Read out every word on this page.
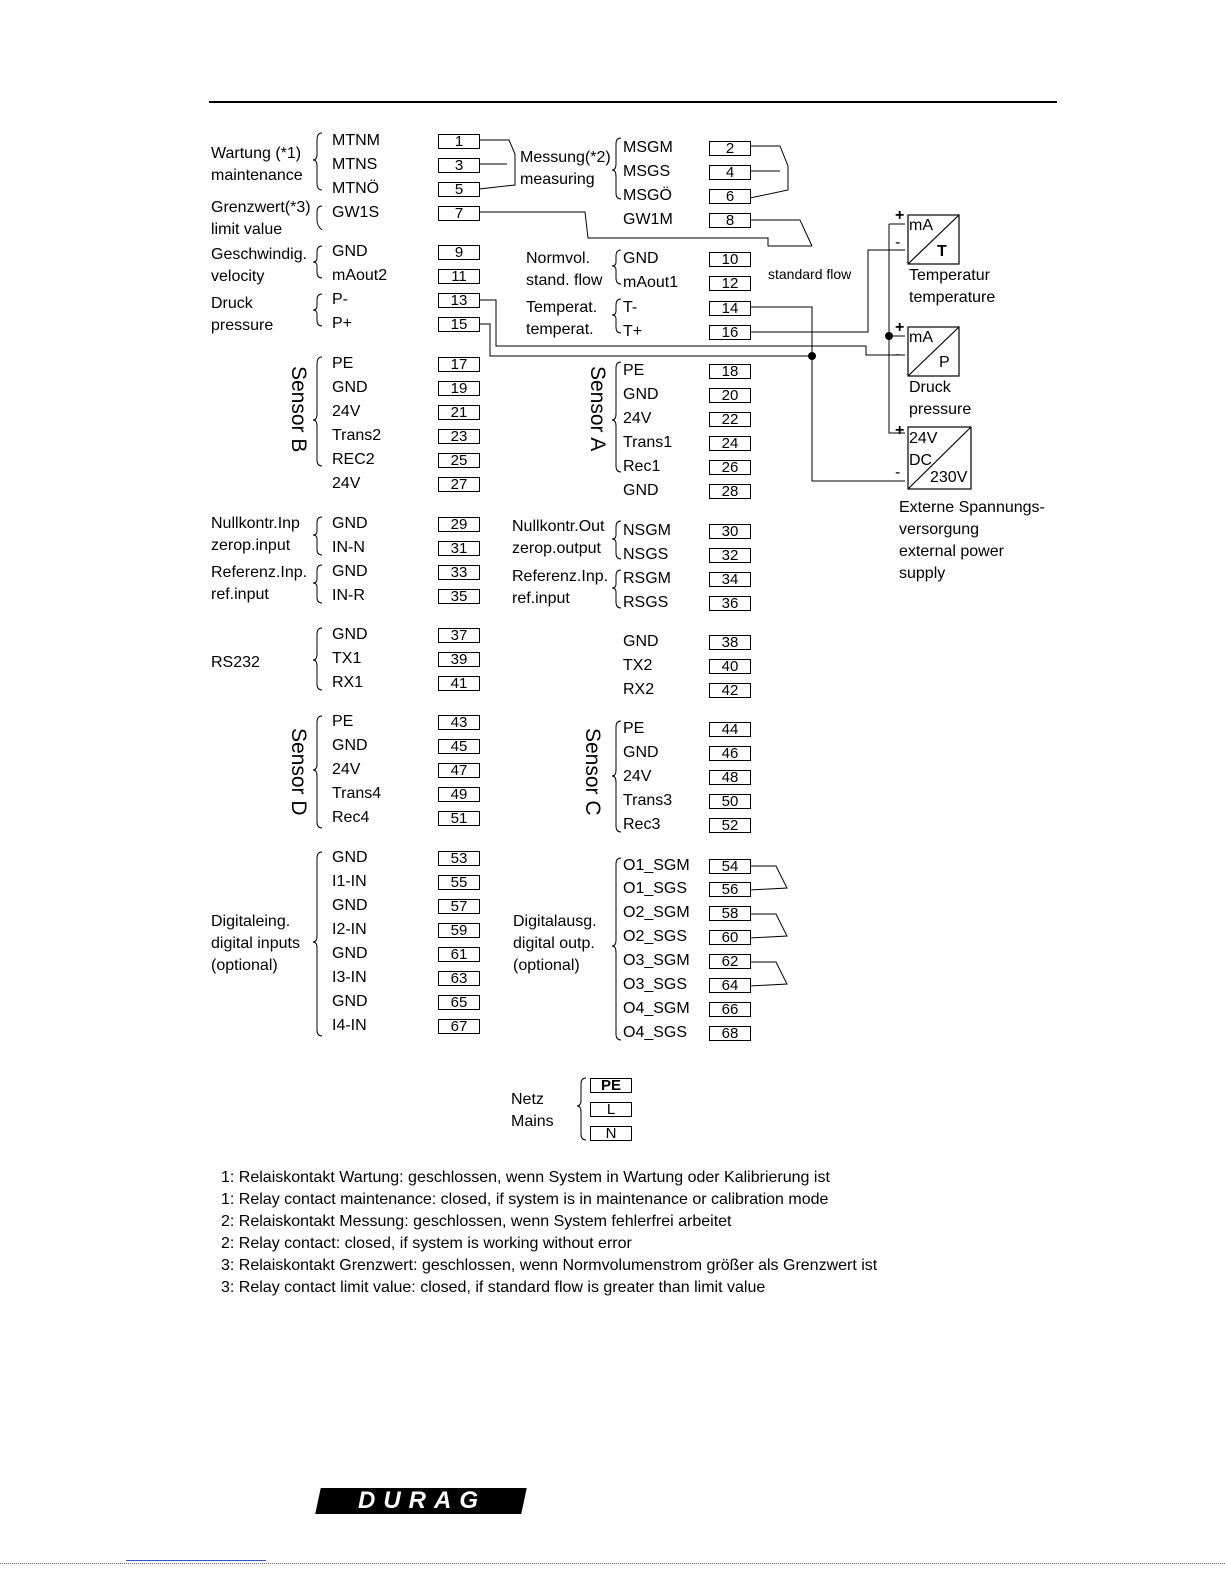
MTNM	1
MTNS	3
MTNÖ	5
GW1S	7
GND	9
mAout2	11
P-	13
P+	15
PE	17
GND	19
24V	21
Trans2	23
REC2	25
24V	27
GND	29
IN-N	31
GND	33
IN-R	35
GND	37
TX1	39
RX1	41
PE	43
GND	45
24V	47
Trans4	49
Rec4	51
GND	53
I1-IN	55
GND	57
I2-IN	59
GND	61
I3-IN	63
GND	65
I4-IN	67
MSGM	2
MSGS	4
MSGÖ	6
GW1M	8
GND	10
mAout1	12
T-	14
T+	16
PE	18
GND	20
24V	22
Trans1	24
Rec1	26
GND	28
NSGM	30
NSGS	32
RSGM	34
RSGS	36
GND	38
TX2	40
RX2	42
PE	44
GND	46
24V	48
Trans3	50
Rec3	52
O1_SGM	54
O1_SGS	56
O2_SGM	58
O2_SGS	60
O3_SGM	62
O3_SGS	64
O4_SGM	66
O4_SGS	68
Wartung (*1)
maintenance
Grenzwert(*3)
limit value
Geschwindig.
velocity
Druck
pressure
Sensor B
Nullkontr.Inp
zerop.input
Referenz.Inp.
ref.input
RS232
Sensor D
Digitaleing.
digital inputs
(optional)
Messung(*2)
measuring
Normvol.
stand. flow
Temperat.
temperat.
Sensor A
Nullkontr.Out
zerop.output
Referenz.Inp.
ref.input
Sensor C
Digitalausg.
digital outp.
(optional)
standard flow
mA
T
Temperatur
temperature
mA
P
Druck
pressure
24V
DC
230V
Externe Spannungs-
versorgung
external power
supply
+
-
+
-
+
-
Netz
Mains
PE
L
N
1: Relaiskontakt Wartung: geschlossen, wenn System in Wartung oder Kalibrierung ist
1: Relay contact maintenance: closed, if system is in maintenance or calibration mode
2: Relaiskontakt Messung: geschlossen, wenn System fehlerfrei arbeitet
2: Relay contact: closed, if system is working without error
3: Relaiskontakt Grenzwert: geschlossen, wenn Normvolumenstrom größer als Grenzwert ist
3: Relay contact limit value: closed, if standard flow is greater than limit value
DURAG
